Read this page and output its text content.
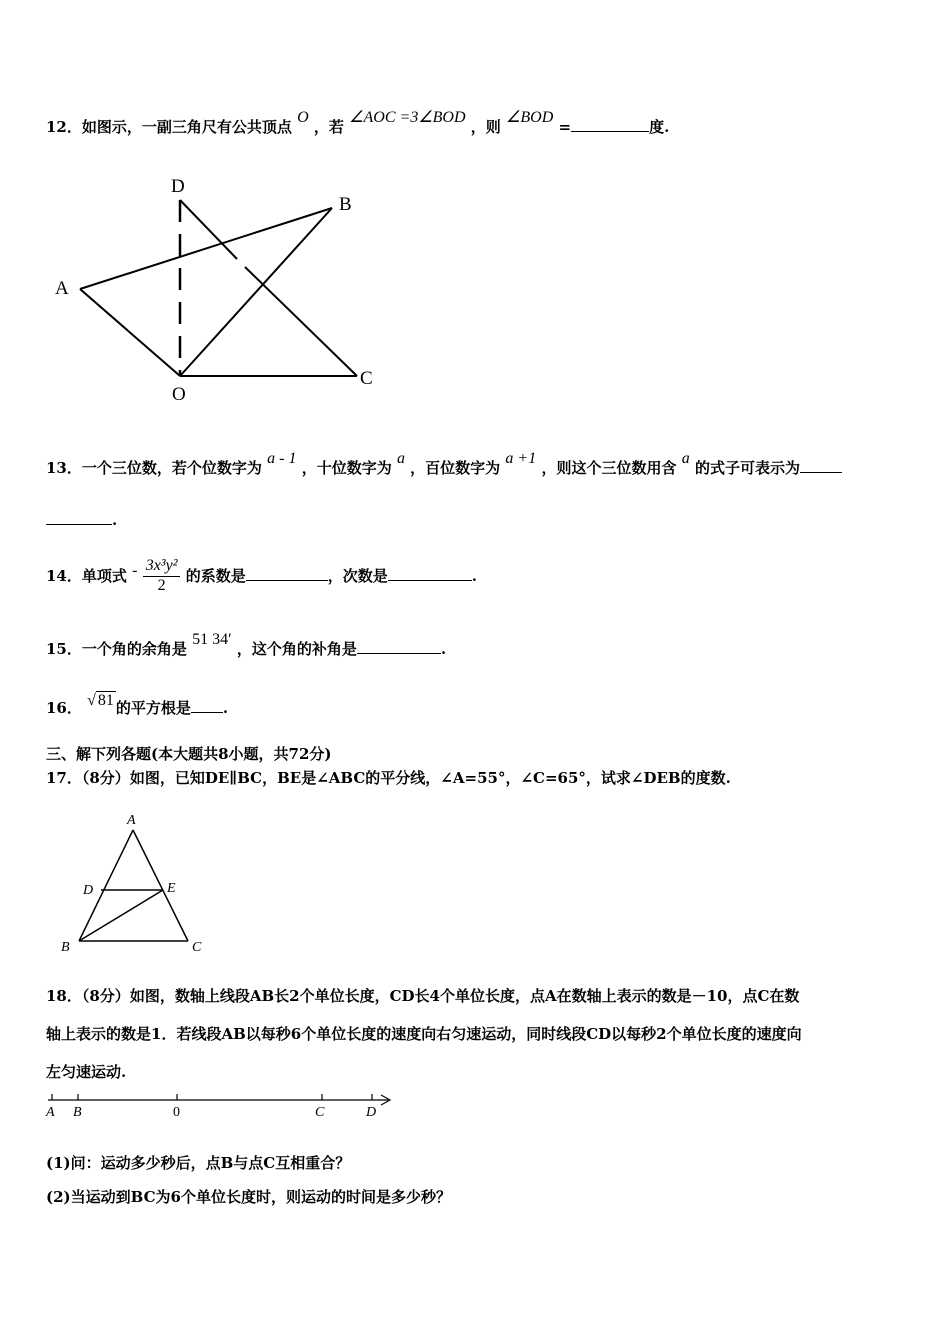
12．如图示，一副三角尺有公共顶点 O ，若 ∠AOC =3∠BOD ，则 ∠BOD =	度.
D
B
A
O
C
13．一个三位数，若个位数字为 a - 1 ，十位数字为 a ，百位数字为 a +1 ，则这个三位数用含 a 的式子可表示为
.
14．单项式 - $\frac{\text{3x³y²}}{2}$ 的系数是	，次数是	.
15．一个角的余角是 51 34′ ，这个角的补角是	.
16． √ 81 的平方根是 .
三、解下列各题(本大题共8小题，共72分)
17．（8分）如图，已知DE∥BC，BE是∠ABC的平分线，∠A=55°，∠C=65°，试求∠DEB的度数.
A
D	E
B	C
18．（8分）如图，数轴上线段AB长2个单位长度，CD长4个单位长度，点A在数轴上表示的数是－10，点C在数
轴上表示的数是1．若线段AB以每秒6个单位长度的速度向右匀速运动，同时线段CD以每秒2个单位长度的速度向
左匀速运动.
A B	0	C	D
(1)问：运动多少秒后，点B与点C互相重合？
(2)当运动到BC为6个单位长度时，则运动的时间是多少秒？
